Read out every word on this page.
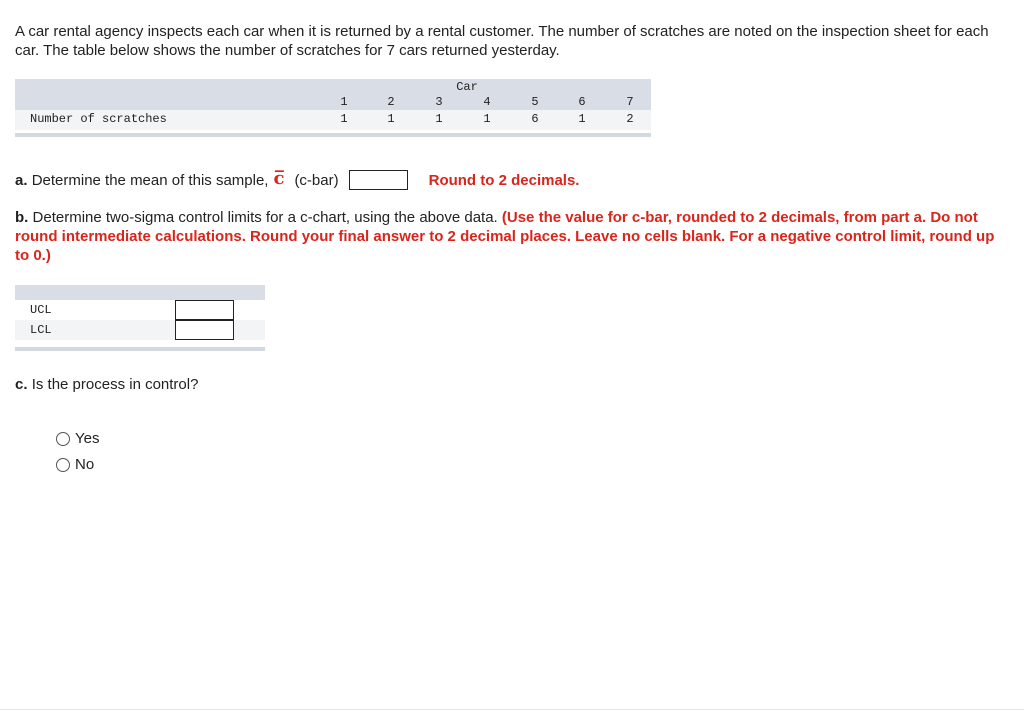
A car rental agency inspects each car when it is returned by a rental customer. The number of scratches are noted on the inspection sheet for each car. The table below shows the number of scratches for 7 cars returned yesterday.
Car
1	2	3	4	5	6	7
Number of scratches	1	1	1	1	6	1	2
a.
Determine the mean of this sample, c̅ (c-bar)	Round to 2 decimals.
b. Determine two-sigma control limits for a c-chart, using the above data. (Use the value for c-bar, rounded to 2 decimals, from part a. Do not round intermediate calculations. Round your final answer to 2 decimal places. Leave no cells blank. For a negative control limit, round up to 0.)
UCL
LCL
c. Is the process in control?
Yes
No
